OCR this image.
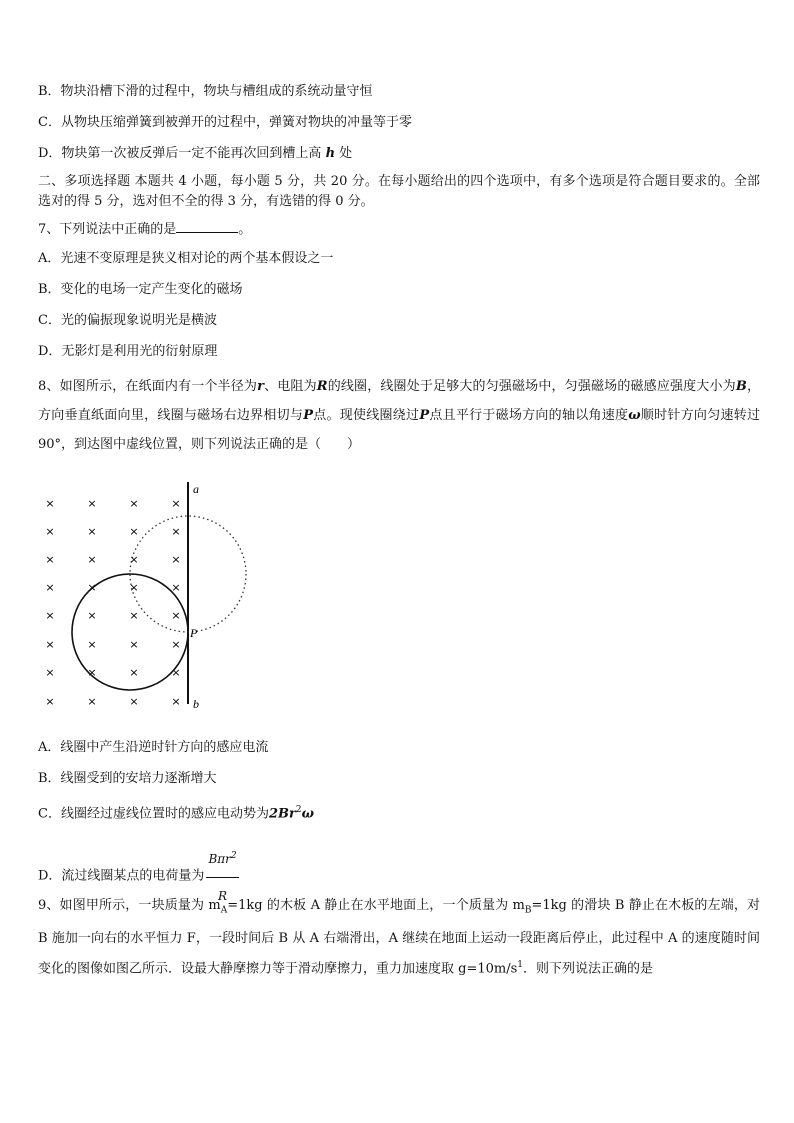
B．物块沿槽下滑的过程中，物块与槽组成的系统动量守恒
C．从物块压缩弹簧到被弹开的过程中，弹簧对物块的冲量等于零
D．物块第一次被反弹后一定不能再次回到槽上高 h 处
二、多项选择题 本题共 4 小题，每小题 5 分，共 20 分。在每小题给出的四个选项中，有多个选项是符合题目要求的。全部选对的得 5 分，选对但不全的得 3 分，有选错的得 0 分。
7、下列说法中正确的是	。
A．光速不变原理是狭义相对论的两个基本假设之一
B．变化的电场一定产生变化的磁场
C．光的偏振现象说明光是横波
D．无影灯是利用光的衍射原理
8、如图所示，在纸面内有一个半径为r、电阻为R的线圈，线圈处于足够大的匀强磁场中，匀强磁场的磁感应强度大小为B，方向垂直纸面向里，线圈与磁场右边界相切与P点。现使线圈绕过P点且平行于磁场方向的轴以角速度ω顺时针方向匀速转过 90°，到达图中虚线位置，则下列说法正确的是（　　）
×	×	×	×
×	×	×	×
×	×	×	×
×	×	×	×
×	×	×	×
×	×	×	×
×	×	×	×
×	×	×	×
a
b
P
A．线圈中产生沿逆时针方向的感应电流
B．线圈受到的安培力逐渐增大
C．线圈经过虚线位置时的感应电动势为2Br$^2$ω
D．流过线圈某点的电荷量为 $\frac{B\pi r^2}{R}$
9、如图甲所示，一块质量为 $m_A=1kg$ 的木板 A 静止在水平地面上，一个质量为 $m_B=1kg$ 的滑块 B 静止在木板的左端，对 B 施加一向右的水平恒力 F，一段时间后 B 从 A 右端滑出，A 继续在地面上运动一段距离后停止，此过程中 A 的速度随时间变化的图像如图乙所示．设最大静摩擦力等于滑动摩擦力，重力加速度取 $g=10m/s^1$．则下列说法正确的是
